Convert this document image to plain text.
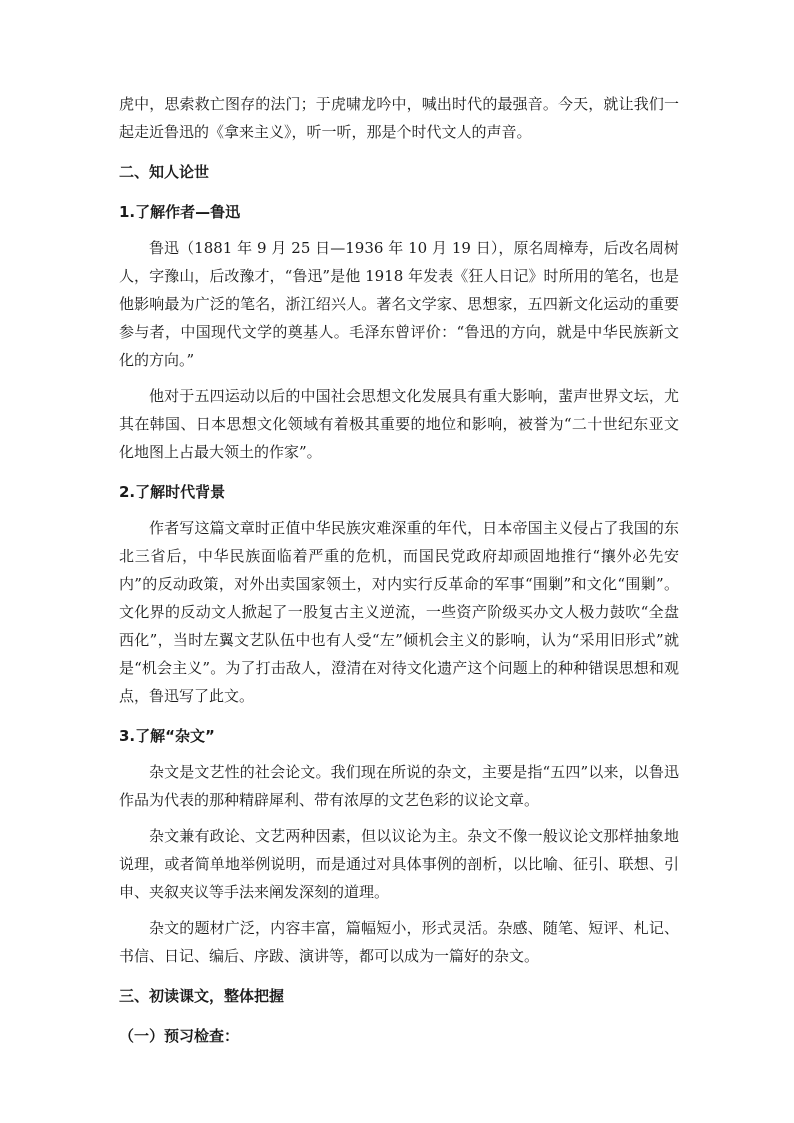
虎中，思索救亡图存的法门；于虎啸龙吟中，喊出时代的最强音。今天，就让我们一起走近鲁迅的《拿来主义》，听一听，那是个时代文人的声音。

二、知人论世

1.了解作者—鲁迅

鲁迅（1881 年 9 月 25 日—1936 年 10 月 19 日），原名周樟寿，后改名周树人，字豫山，后改豫才，“鲁迅”是他 1918 年发表《狂人日记》时所用的笔名，也是他影响最为广泛的笔名，浙江绍兴人。著名文学家、思想家，五四新文化运动的重要参与者，中国现代文学的奠基人。毛泽东曾评价：“鲁迅的方向，就是中华民族新文化的方向。”

他对于五四运动以后的中国社会思想文化发展具有重大影响，蜚声世界文坛，尤其在韩国、日本思想文化领域有着极其重要的地位和影响，被誉为“二十世纪东亚文化地图上占最大领土的作家”。

2.了解时代背景

作者写这篇文章时正值中华民族灾难深重的年代，日本帝国主义侵占了我国的东北三省后，中华民族面临着严重的危机，而国民党政府却顽固地推行“攘外必先安内”的反动政策，对外出卖国家领土，对内实行反革命的军事“围剿”和文化“围剿”。文化界的反动文人掀起了一股复古主义逆流，一些资产阶级买办文人极力鼓吹“全盘西化”，当时左翼文艺队伍中也有人受“左”倾机会主义的影响，认为“采用旧形式”就是“机会主义”。为了打击敌人，澄清在对待文化遗产这个问题上的种种错误思想和观点，鲁迅写了此文。

3.了解“杂文”

杂文是文艺性的社会论文。我们现在所说的杂文，主要是指“五四”以来，以鲁迅作品为代表的那种精辟犀利、带有浓厚的文艺色彩的议论文章。

杂文兼有政论、文艺两种因素，但以议论为主。杂文不像一般议论文那样抽象地说理，或者简单地举例说明，而是通过对具体事例的剖析，以比喻、征引、联想、引申、夹叙夹议等手法来阐发深刻的道理。

杂文的题材广泛，内容丰富，篇幅短小，形式灵活。杂感、随笔、短评、札记、书信、日记、编后、序跋、演讲等，都可以成为一篇好的杂文。

三、初读课文，整体把握

（一）预习检查：
